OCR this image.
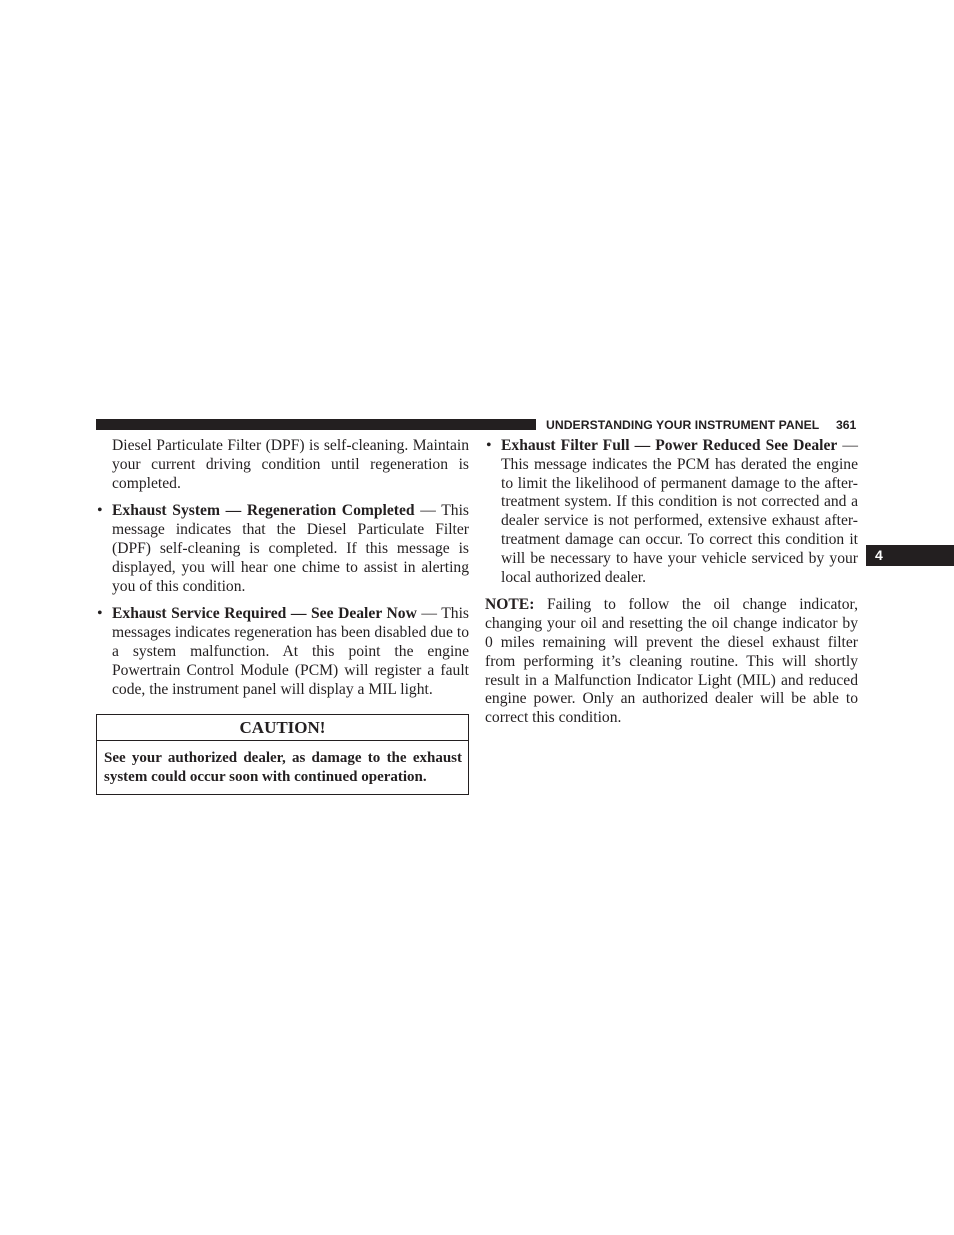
UNDERSTANDING YOUR INSTRUMENT PANEL	361
4

Diesel Particulate Filter (DPF) is self-cleaning. Maintain your current driving condition until regeneration is completed.

• Exhaust System — Regeneration Completed — This message indicates that the Diesel Particulate Filter (DPF) self-cleaning is completed. If this message is displayed, you will hear one chime to assist in alerting you of this condition.

• Exhaust Service Required — See Dealer Now — This messages indicates regeneration has been disabled due to a system malfunction. At this point the engine Powertrain Control Module (PCM) will register a fault code, the instrument panel will display a MIL light.

CAUTION!
See your authorized dealer, as damage to the exhaust system could occur soon with continued operation.
• Exhaust Filter Full — Power Reduced See Dealer — This message indicates the PCM has derated the engine to limit the likelihood of permanent damage to the after-treatment system. If this condition is not corrected and a dealer service is not performed, extensive exhaust after-treatment damage can occur. To correct this condition it will be necessary to have your vehicle serviced by your local authorized dealer.

NOTE: Failing to follow the oil change indicator, changing your oil and resetting the oil change indicator by 0 miles remaining will prevent the diesel exhaust filter from performing it’s cleaning routine. This will shortly result in a Malfunction Indicator Light (MIL) and reduced engine power. Only an authorized dealer will be able to correct this condition.
